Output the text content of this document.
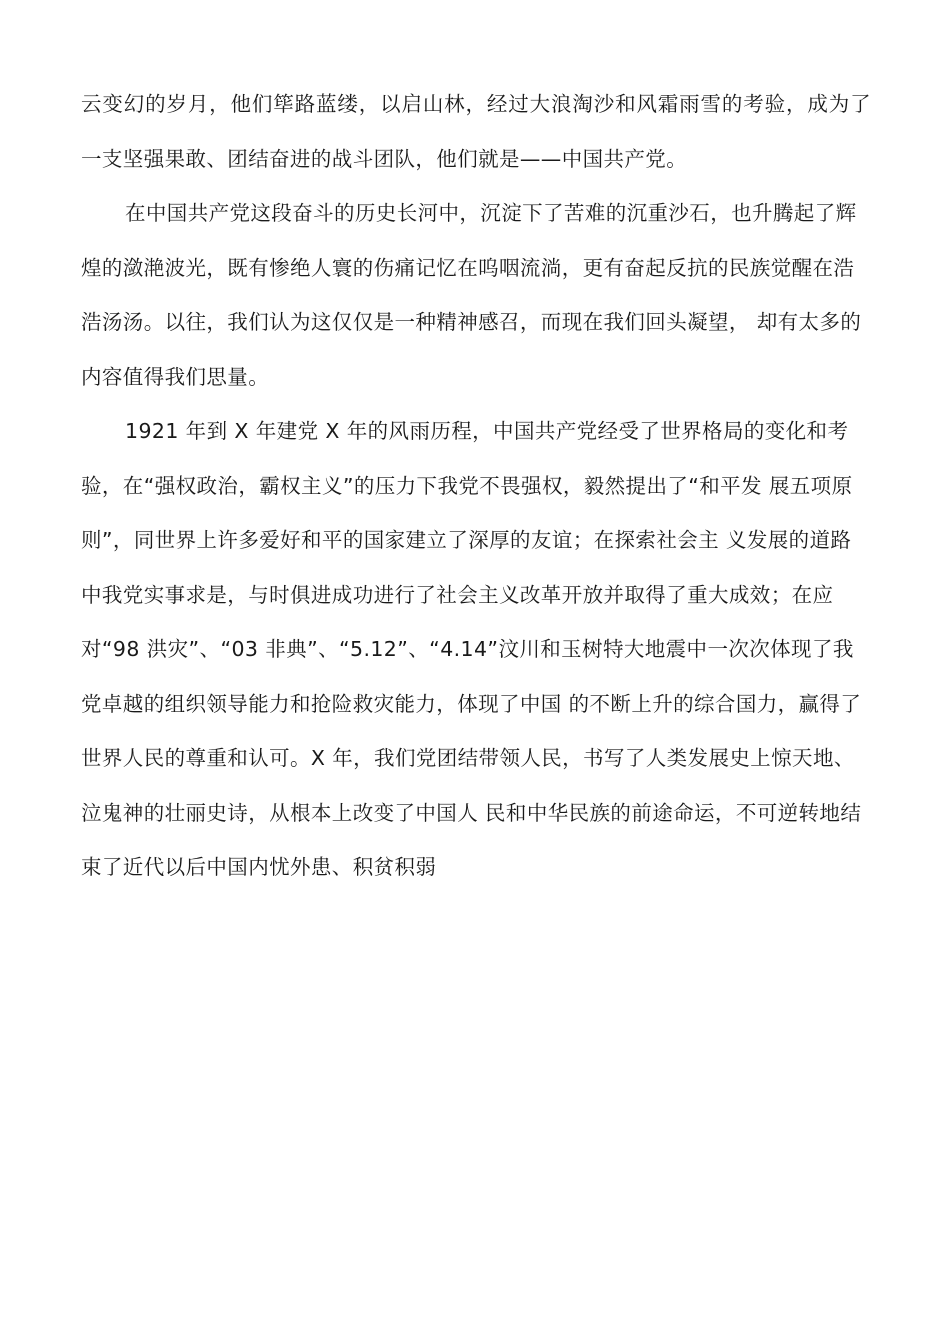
云变幻的岁月，他们筚路蓝缕，以启山林，经过大浪淘沙和风霜雨雪的考验，成为了一支坚强果敢、团结奋进的战斗团队，他们就是——中国共产党。

在中国共产党这段奋斗的历史长河中，沉淀下了苦难的沉重沙石，也升腾起了辉煌的潋滟波光，既有惨绝人寰的伤痛记忆在呜咽流淌，更有奋起反抗的民族觉醒在浩浩汤汤。以往，我们认为这仅仅是一种精神感召，而现在我们回头凝望， 却有太多的内容值得我们思量。

1921 年到 X 年建党 X 年的风雨历程，中国共产党经受了世界格局的变化和考验，在“强权政治，霸权主义”的压力下我党不畏强权，毅然提出了“和平发 展五项原则”，同世界上许多爱好和平的国家建立了深厚的友谊；在探索社会主 义发展的道路中我党实事求是，与时俱进成功进行了社会主义改革开放并取得了重大成效；在应对“98 洪灾”、“03 非典”、“5.12”、“4.14”汶川和玉树特大地震中一次次体现了我党卓越的组织领导能力和抢险救灾能力，体现了中国 的不断上升的综合国力，赢得了世界人民的尊重和认可。X 年，我们党团结带领人民，书写了人类发展史上惊天地、泣鬼神的壮丽史诗，从根本上改变了中国人 民和中华民族的前途命运，不可逆转地结束了近代以后中国内忧外患、积贫积弱
